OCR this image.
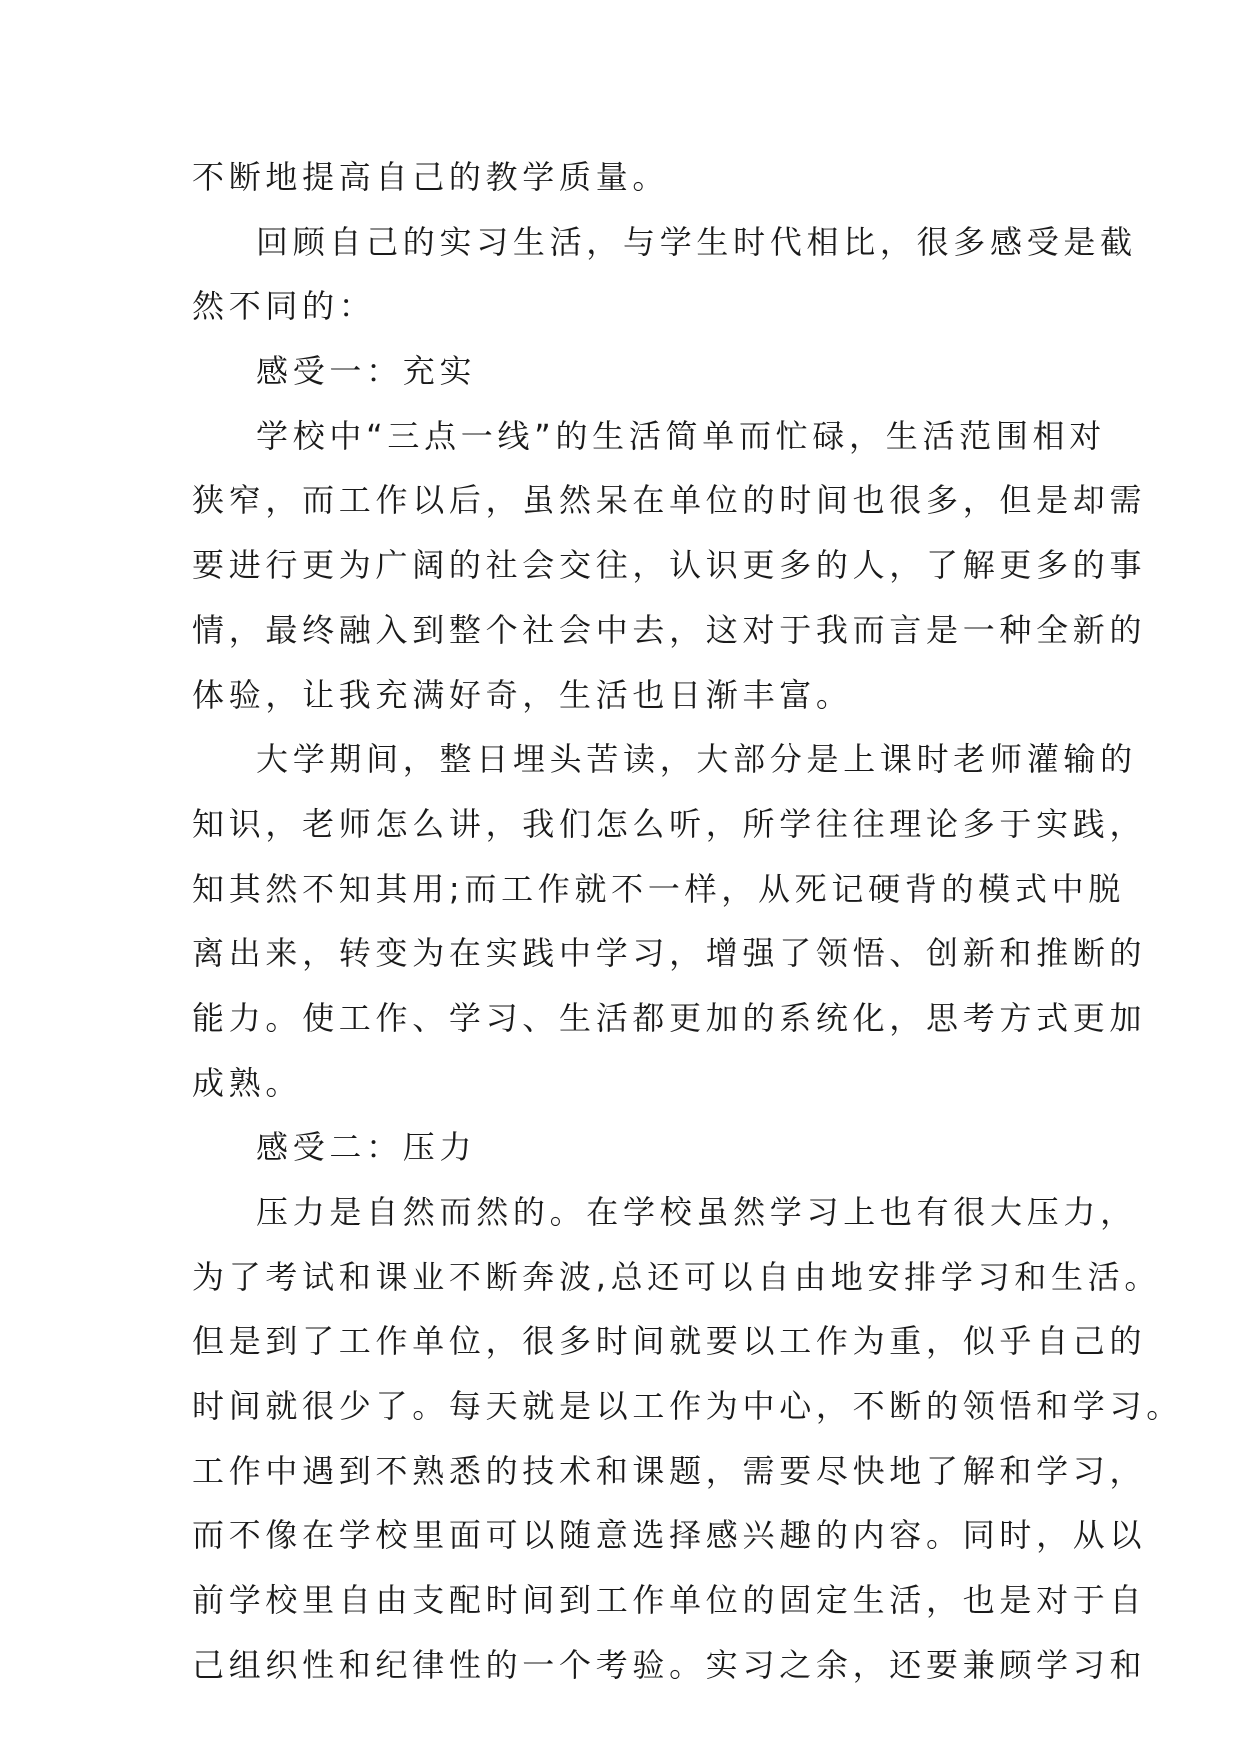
不断地提高自己的教学质量。
回顾自己的实习生活，与学生时代相比，很多感受是截
然不同的：
感受一：充实
学校中“三点一线”的生活简单而忙碌，生活范围相对
狭窄，而工作以后，虽然呆在单位的时间也很多，但是却需
要进行更为广阔的社会交往，认识更多的人，了解更多的事
情，最终融入到整个社会中去，这对于我而言是一种全新的
体验，让我充满好奇，生活也日渐丰富。
大学期间，整日埋头苦读，大部分是上课时老师灌输的
知识，老师怎么讲，我们怎么听，所学往往理论多于实践，
知其然不知其用;而工作就不一样，从死记硬背的模式中脱
离出来，转变为在实践中学习，增强了领悟、创新和推断的
能力。使工作、学习、生活都更加的系统化，思考方式更加
成熟。
感受二：压力
压力是自然而然的。在学校虽然学习上也有很大压力，
为了考试和课业不断奔波,总还可以自由地安排学习和生活。
但是到了工作单位，很多时间就要以工作为重，似乎自己的
时间就很少了。每天就是以工作为中心，不断的领悟和学习。
工作中遇到不熟悉的技术和课题，需要尽快地了解和学习，
而不像在学校里面可以随意选择感兴趣的内容。同时，从以
前学校里自由支配时间到工作单位的固定生活，也是对于自
己组织性和纪律性的一个考验。实习之余，还要兼顾学习和
